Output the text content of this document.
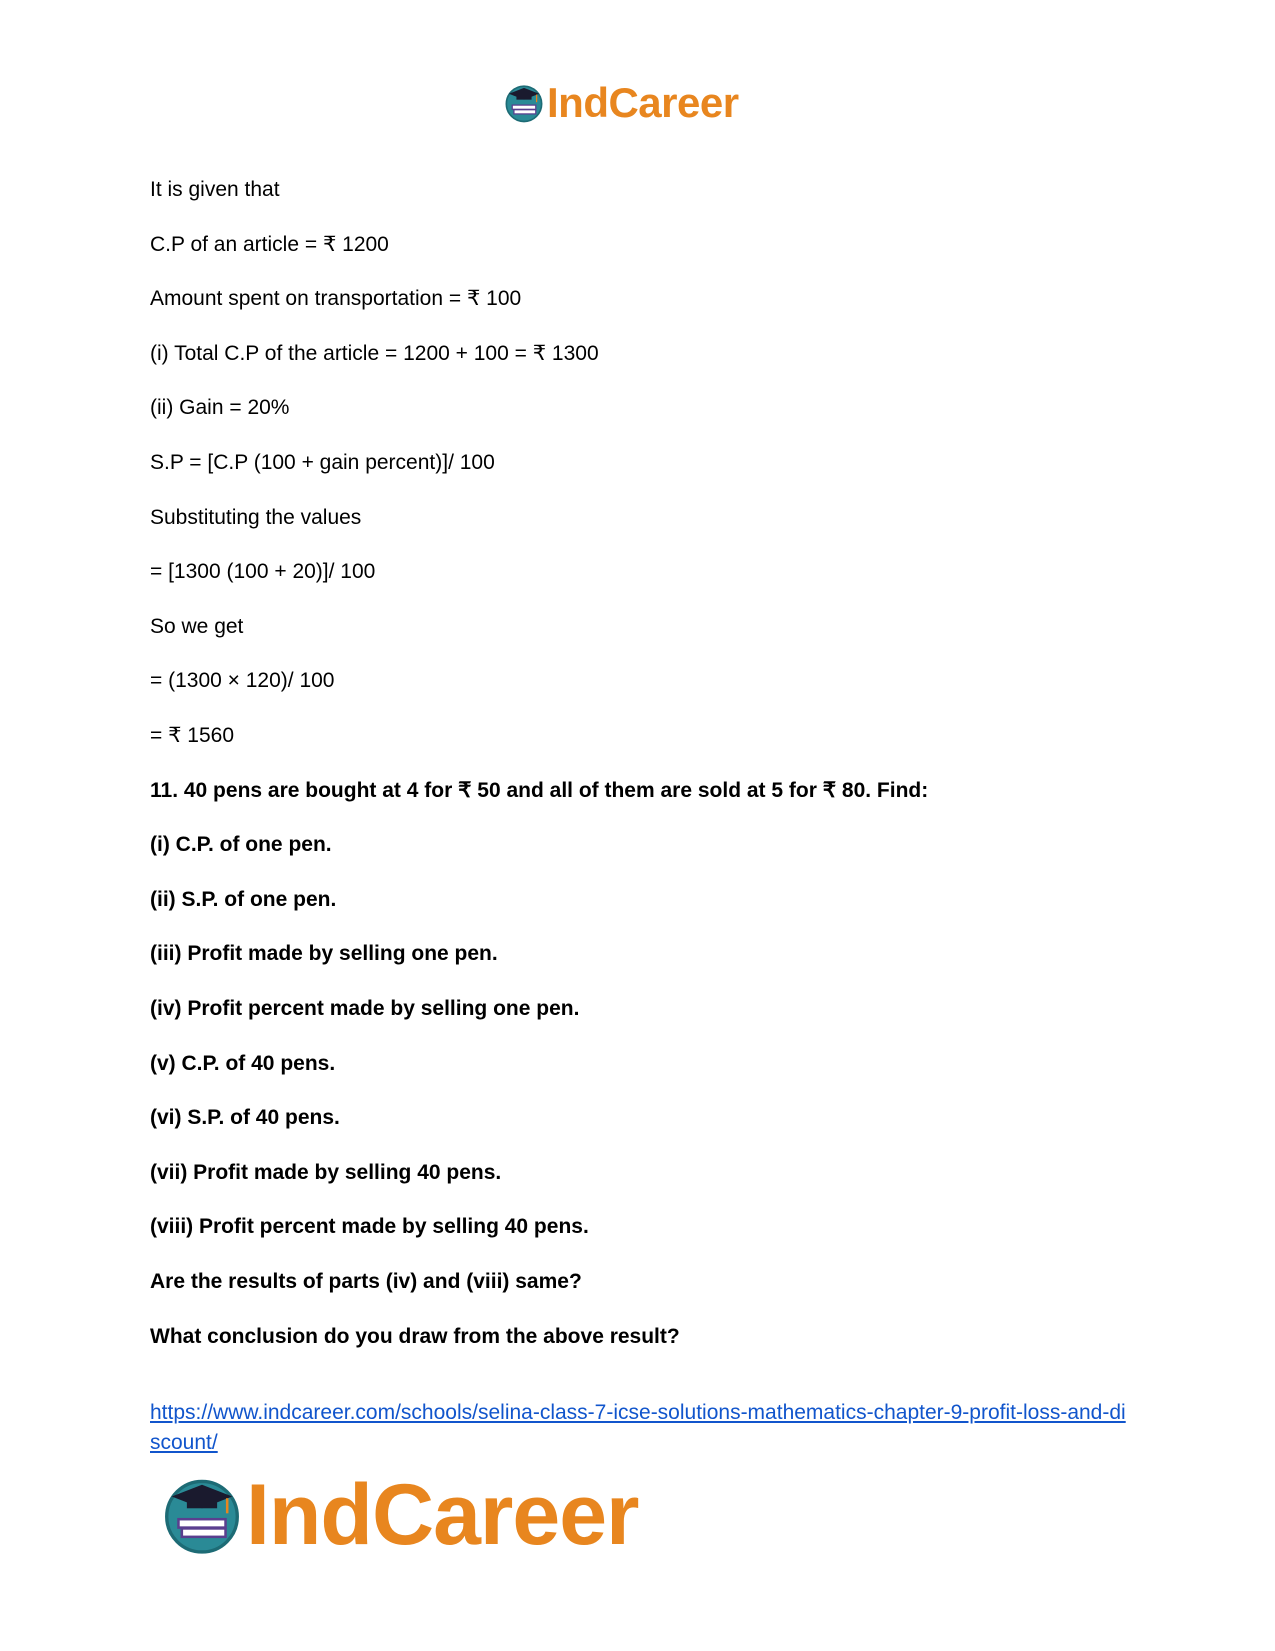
IndCareer
It is given that
C.P of an article = ₹ 1200
Amount spent on transportation = ₹ 100
(i) Total C.P of the article = 1200 + 100 = ₹ 1300
(ii) Gain = 20%
S.P = [C.P (100 + gain percent)]/ 100
Substituting the values
= [1300 (100 + 20)]/ 100
So we get
= (1300 × 120)/ 100
= ₹ 1560
11. 40 pens are bought at 4 for ₹ 50 and all of them are sold at 5 for ₹ 80. Find:
(i) C.P. of one pen.
(ii) S.P. of one pen.
(iii) Profit made by selling one pen.
(iv) Profit percent made by selling one pen.
(v) C.P. of 40 pens.
(vi) S.P. of 40 pens.
(vii) Profit made by selling 40 pens.
(viii) Profit percent made by selling 40 pens.
Are the results of parts (iv) and (viii) same?
What conclusion do you draw from the above result?
https://www.indcareer.com/schools/selina-class-7-icse-solutions-mathematics-chapter-9-profit-loss-and-discount/
IndCareer
